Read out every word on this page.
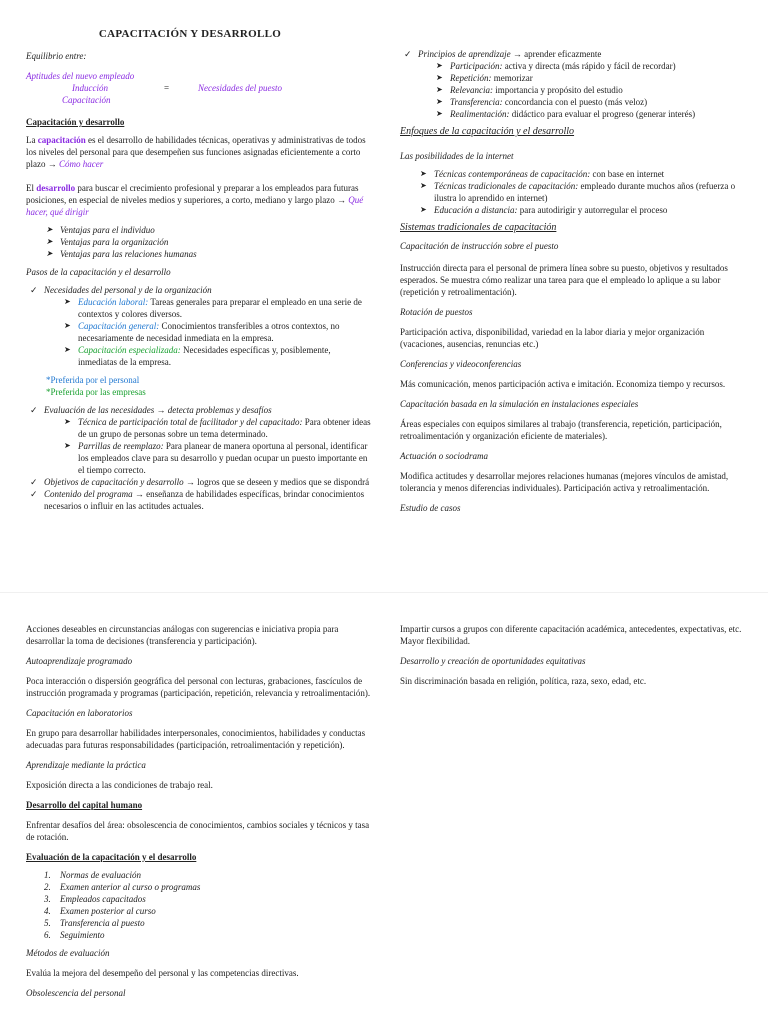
CAPACITACIÓN Y DESARROLLO

Equilibrio entre:

Aptitudes del nuevo empleado
Inducción
Capacitación
=	Necesidades del puesto

Capacitación y desarrollo

La capacitación es el desarrollo de habilidades técnicas, operativas y administrativas de todos los niveles del personal para que desempeñen sus funciones asignadas eficientemente a corto plazo → Cómo hacer

El desarrollo para buscar el crecimiento profesional y preparar a los empleados para futuras posiciones, en especial de niveles medios y superiores, a corto, mediano y largo plazo → Qué hacer, qué dirigir

➤ Ventajas para el individuo
➤ Ventajas para la organización
➤ Ventajas para las relaciones humanas

Pasos de la capacitación y el desarrollo

✓ Necesidades del personal y de la organización
➤ Educación laboral: Tareas generales para preparar el empleado en una serie de contextos y colores diversos.
➤ Capacitación general: Conocimientos transferibles a otros contextos, no necesariamente de necesidad inmediata en la empresa.
➤ Capacitación especializada: Necesidades específicas y, posiblemente, inmediatas de la empresa.
*Preferida por el personal
*Preferida por las empresas
✓ Evaluación de las necesidades → detecta problemas y desafíos
➤ Técnica de participación total de facilitador y del capacitado: Para obtener ideas de un grupo de personas sobre un tema determinado.
➤ Parrillas de reemplazo: Para planear de manera oportuna al personal, identificar los empleados clave para su desarrollo y puedan ocupar un puesto importante en el tiempo correcto.
✓ Objetivos de capacitación y desarrollo → logros que se deseen y medios que se dispondrá
✓ Contenido del programa → enseñanza de habilidades específicas, brindar conocimientos necesarios o influir en las actitudes actuales.
✓ Principios de aprendizaje → aprender eficazmente
➤ Participación: activa y directa (más rápido y fácil de recordar)
➤ Repetición: memorizar
➤ Relevancia: importancia y propósito del estudio
➤ Transferencia: concordancia con el puesto (más veloz)
➤ Realimentación: didáctico para evaluar el progreso (generar interés)

Enfoques de la capacitación y el desarrollo

Las posibilidades de la internet

➤ Técnicas contemporáneas de capacitación: con base en internet
➤ Técnicas tradicionales de capacitación: empleado durante muchos años (refuerza o ilustra lo aprendido en internet)
➤ Educación a distancia: para autodirigir y autorregular el proceso

Sistemas tradicionales de capacitación

Capacitación de instrucción sobre el puesto

Instrucción directa para el personal de primera línea sobre su puesto, objetivos y resultados esperados. Se muestra cómo realizar una tarea para que el empleado lo aplique a su labor (repetición y retroalimentación).

Rotación de puestos

Participación activa, disponibilidad, variedad en la labor diaria y mejor organización (vacaciones, ausencias, renuncias etc.)

Conferencias y videoconferencias

Más comunicación, menos participación activa e imitación. Economiza tiempo y recursos.

Capacitación basada en la simulación en instalaciones especiales

Áreas especiales con equipos similares al trabajo (transferencia, repetición, participación, retroalimentación y organización eficiente de materiales).

Actuación o sociodrama

Modifica actitudes y desarrollar mejores relaciones humanas (mejores vínculos de amistad, tolerancia y menos diferencias individuales). Participación activa y retroalimentación.

Estudio de casos

Acciones deseables en circunstancias análogas con sugerencias e iniciativa propia para desarrollar la toma de decisiones (transferencia y participación).

Autoaprendizaje programado

Poca interacción o dispersión geográfica del personal con lecturas, grabaciones, fascículos de instrucción programada y programas (participación, repetición, relevancia y retroalimentación).

Capacitación en laboratorios

En grupo para desarrollar habilidades interpersonales, conocimientos, habilidades y conductas adecuadas para futuras responsabilidades (participación, retroalimentación y repetición).

Aprendizaje mediante la práctica

Exposición directa a las condiciones de trabajo real.

Desarrollo del capital humano

Enfrentar desafíos del área: obsolescencia de conocimientos, cambios sociales y técnicos y tasa de rotación.

Evaluación de la capacitación y el desarrollo

1. Normas de evaluación
2. Examen anterior al curso o programas
3. Empleados capacitados
4. Examen posterior al curso
5. Transferencia al puesto
6. Seguimiento

Métodos de evaluación

Evalúa la mejora del desempeño del personal y las competencias directivas.

Obsolescencia del personal

Impartir cursos a grupos con diferente capacitación académica, antecedentes, expectativas, etc. Mayor flexibilidad.

Desarrollo y creación de oportunidades equitativas

Sin discriminación basada en religión, política, raza, sexo, edad, etc.
